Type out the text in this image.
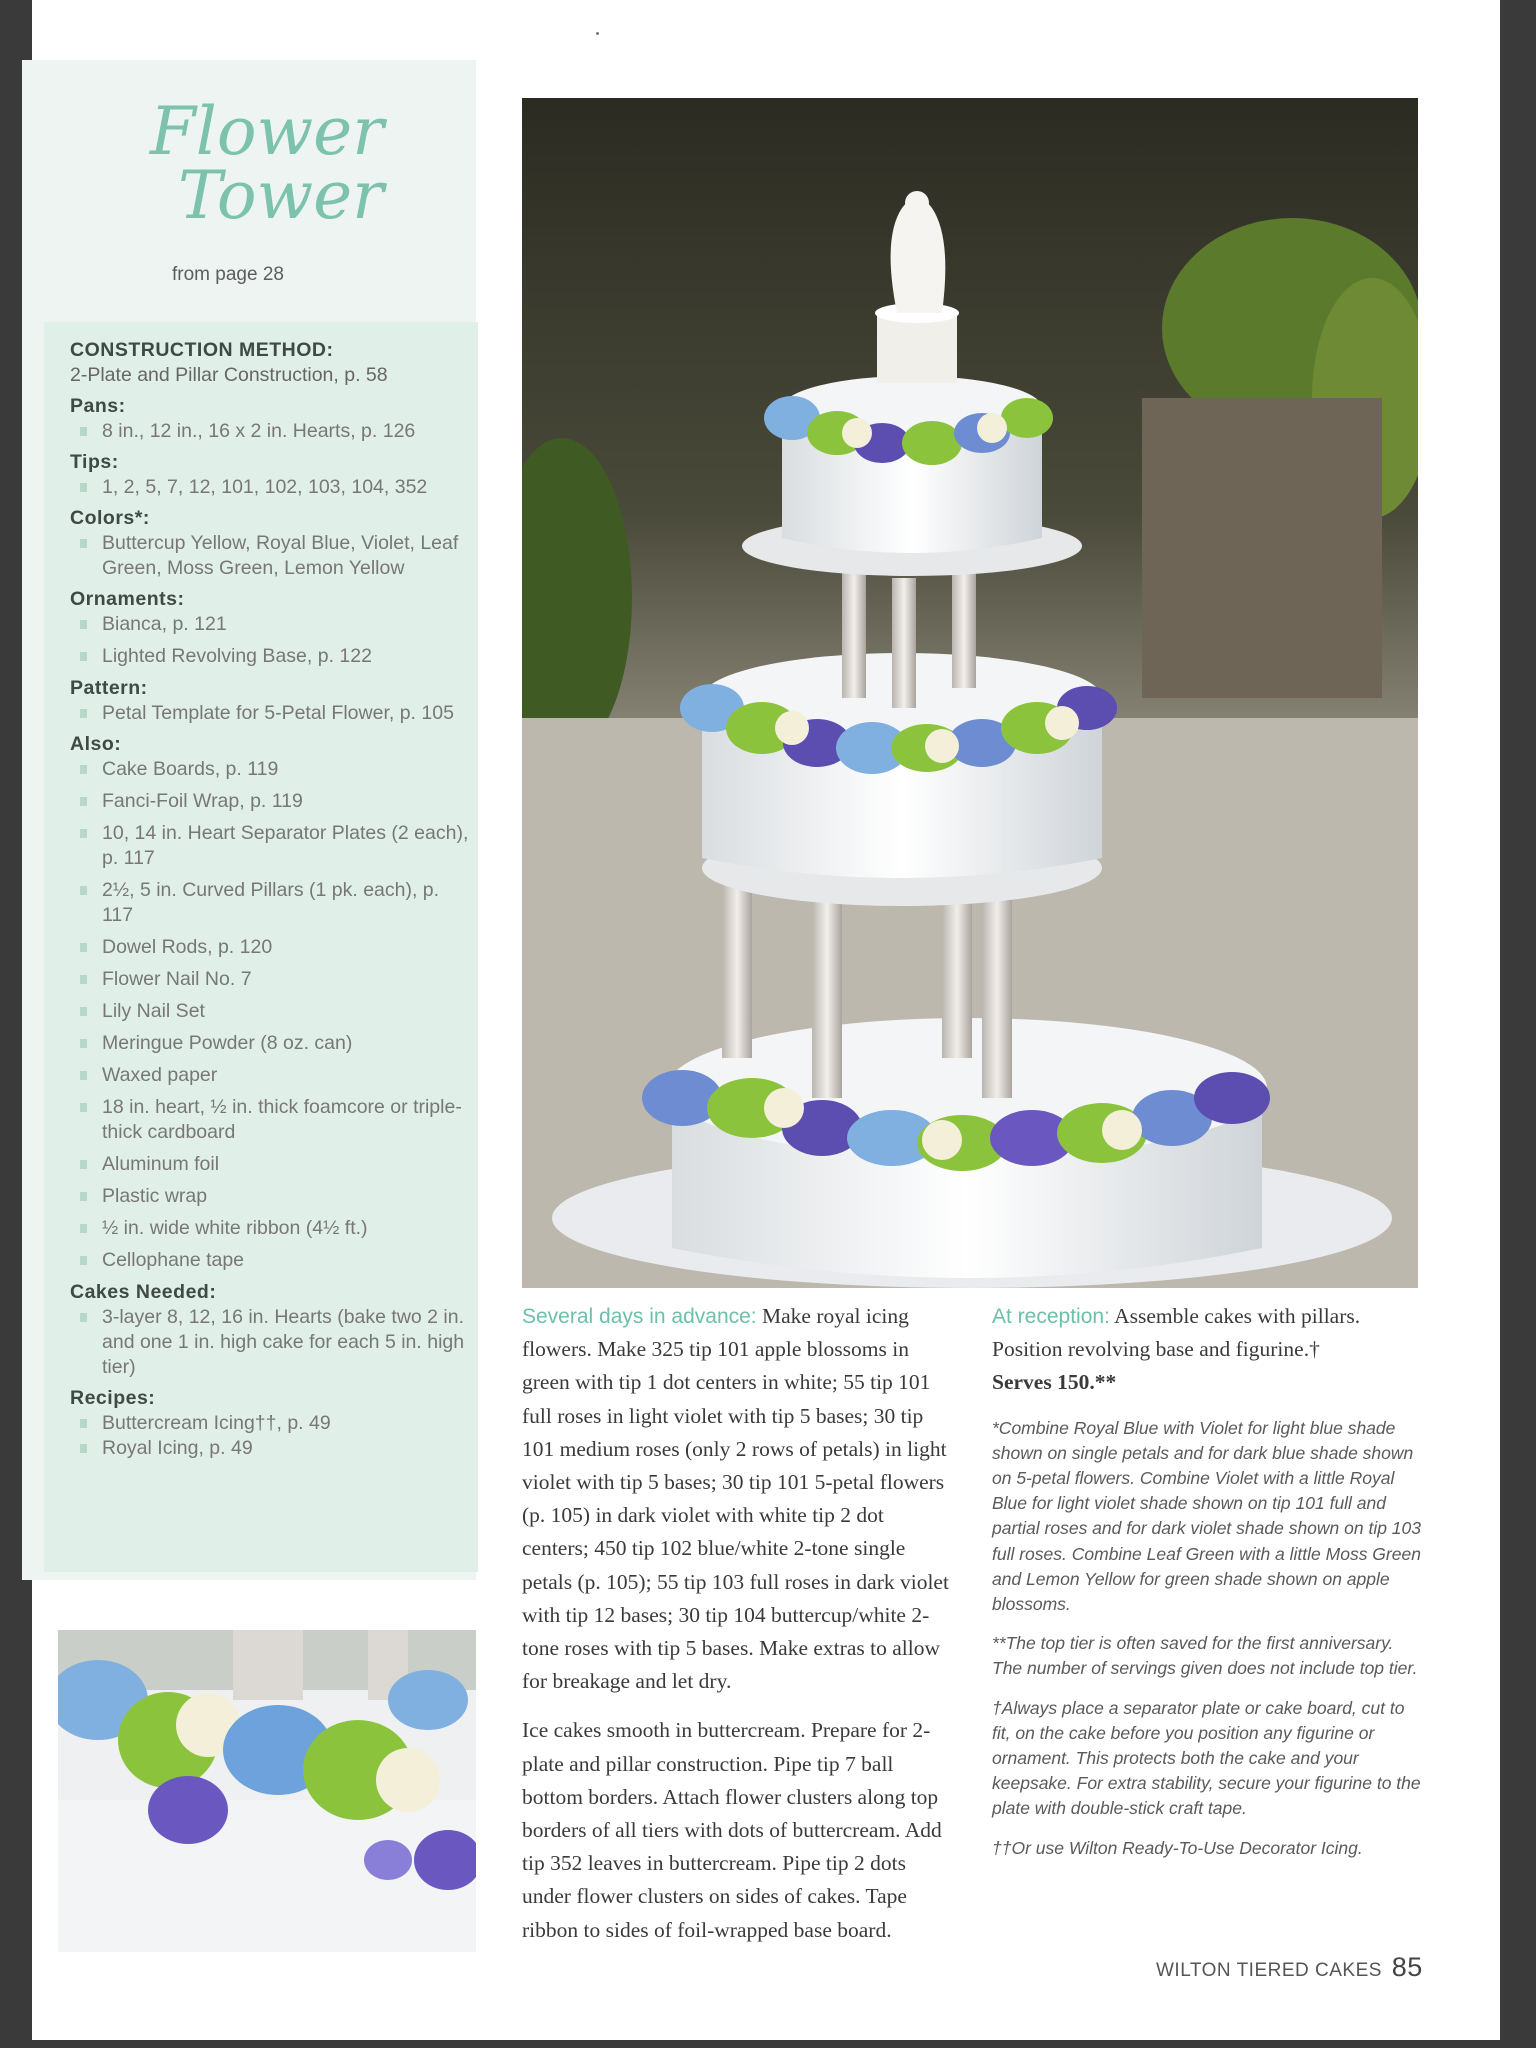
Flower
Tower
from page 28
CONSTRUCTION METHOD:
2-Plate and Pillar Construction, p. 58
Pans:
8 in., 12 in., 16 x 2 in. Hearts, p. 126
Tips:
1, 2, 5, 7, 12, 101, 102, 103, 104, 352
Colors*:
Buttercup Yellow, Royal Blue, Violet, Leaf Green, Moss Green, Lemon Yellow
Ornaments:
Bianca, p. 121
Lighted Revolving Base, p. 122
Pattern:
Petal Template for 5-Petal Flower, p. 105
Also:
Cake Boards, p. 119
Fanci-Foil Wrap, p. 119
10, 14 in. Heart Separator Plates (2 each), p. 117
2½, 5 in. Curved Pillars (1 pk. each), p. 117
Dowel Rods, p. 120
Flower Nail No. 7
Lily Nail Set
Meringue Powder (8 oz. can)
Waxed paper
18 in. heart, ½ in. thick foamcore or triple-thick cardboard
Aluminum foil
Plastic wrap
½ in. wide white ribbon (4½ ft.)
Cellophane tape
Cakes Needed:
3-layer 8, 12, 16 in. Hearts (bake two 2 in. and one 1 in. high cake for each 5 in. high tier)
Recipes:
Buttercream Icing††, p. 49
Royal Icing, p. 49

Several days in advance: Make royal icing flowers. Make 325 tip 101 apple blossoms in green with tip 1 dot centers in white; 55 tip 101 full roses in light violet with tip 5 bases; 30 tip 101 medium roses (only 2 rows of petals) in light violet with tip 5 bases; 30 tip 101 5-petal flowers (p. 105) in dark violet with white tip 2 dot centers; 450 tip 102 blue/white 2-tone single petals (p. 105); 55 tip 103 full roses in dark violet with tip 12 bases; 30 tip 104 buttercup/white 2-tone roses with tip 5 bases. Make extras to allow for breakage and let dry.

Ice cakes smooth in buttercream. Prepare for 2-plate and pillar construction. Pipe tip 7 ball bottom borders. Attach flower clusters along top borders of all tiers with dots of buttercream. Add tip 352 leaves in buttercream. Pipe tip 2 dots under flower clusters on sides of cakes. Tape ribbon to sides of foil-wrapped base board.

At reception: Assemble cakes with pillars. Position revolving base and figurine.†

Serves 150.**

*Combine Royal Blue with Violet for light blue shade shown on single petals and for dark blue shade shown on 5-petal flowers. Combine Violet with a little Royal Blue for light violet shade shown on tip 101 full and partial roses and for dark violet shade shown on tip 103 full roses. Combine Leaf Green with a little Moss Green and Lemon Yellow for green shade shown on apple blossoms.

**The top tier is often saved for the first anniversary. The number of servings given does not include top tier.

†Always place a separator plate or cake board, cut to fit, on the cake before you position any figurine or ornament. This protects both the cake and your keepsake. For extra stability, secure your figurine to the plate with double-stick craft tape.

††Or use Wilton Ready-To-Use Decorator Icing.

WILTON TIERED CAKES 85
